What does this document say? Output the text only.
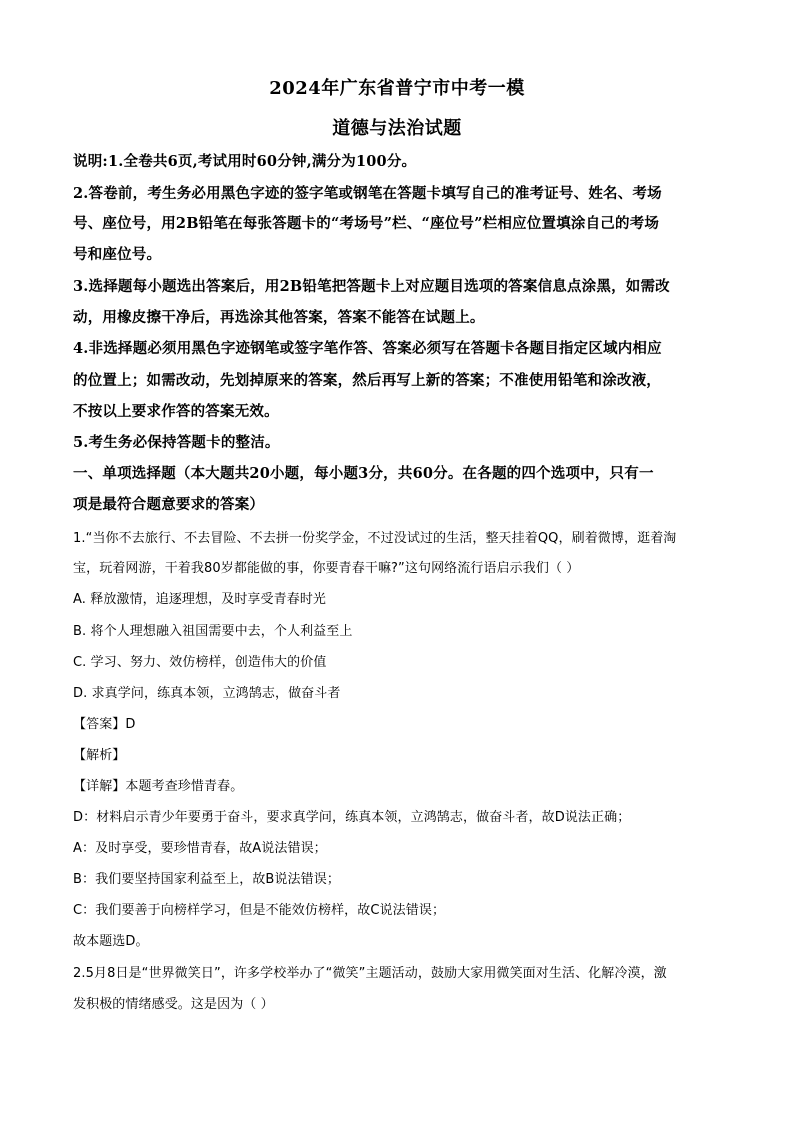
2024年广东省普宁市中考一模
道德与法治试题
说明:1.全卷共6页,考试用时60分钟,满分为100分。
2.答卷前，考生务必用黑色字迹的签字笔或钢笔在答题卡填写自己的准考证号、姓名、考场
号、座位号，用2B铅笔在每张答题卡的“考场号”栏、“座位号”栏相应位置填涂自己的考场
号和座位号。
3.选择题每小题选出答案后，用2B铅笔把答题卡上对应题目选项的答案信息点涂黑，如需改
动，用橡皮擦干净后，再选涂其他答案，答案不能答在试题上。
4.非选择题必须用黑色字迹钢笔或签字笔作答、答案必须写在答题卡各题目指定区域内相应
的位置上；如需改动，先划掉原来的答案，然后再写上新的答案；不准使用铅笔和涂改液，
不按以上要求作答的答案无效。
5.考生务必保持答题卡的整洁。
一、单项选择题（本大题共20小题，每小题3分，共60分。在各题的四个选项中，只有一
项是最符合题意要求的答案）
1.“当你不去旅行、不去冒险、不去拼一份奖学金，不过没试过的生活，整天挂着QQ，刷着微博，逛着淘
宝，玩着网游，干着我80岁都能做的事，你要青春干嘛?”这句网络流行语启示我们（ ）
A. 释放激情，追逐理想，及时享受青春时光
B. 将个人理想融入祖国需要中去，个人利益至上
C. 学习、努力、效仿榜样，创造伟大的价值
D. 求真学问，练真本领，立鸿鹄志，做奋斗者
【答案】D
【解析】
【详解】本题考查珍惜青春。
D：材料启示青少年要勇于奋斗，要求真学问，练真本领，立鸿鹄志，做奋斗者，故D说法正确；
A：及时享受，要珍惜青春，故A说法错误；
B：我们要坚持国家利益至上，故B说法错误；
C：我们要善于向榜样学习，但是不能效仿榜样，故C说法错误；
故本题选D。
2.5月8日是“世界微笑日”，许多学校举办了“微笑”主题活动，鼓励大家用微笑面对生活、化解冷漠，激
发积极的情绪感受。这是因为（ ）
